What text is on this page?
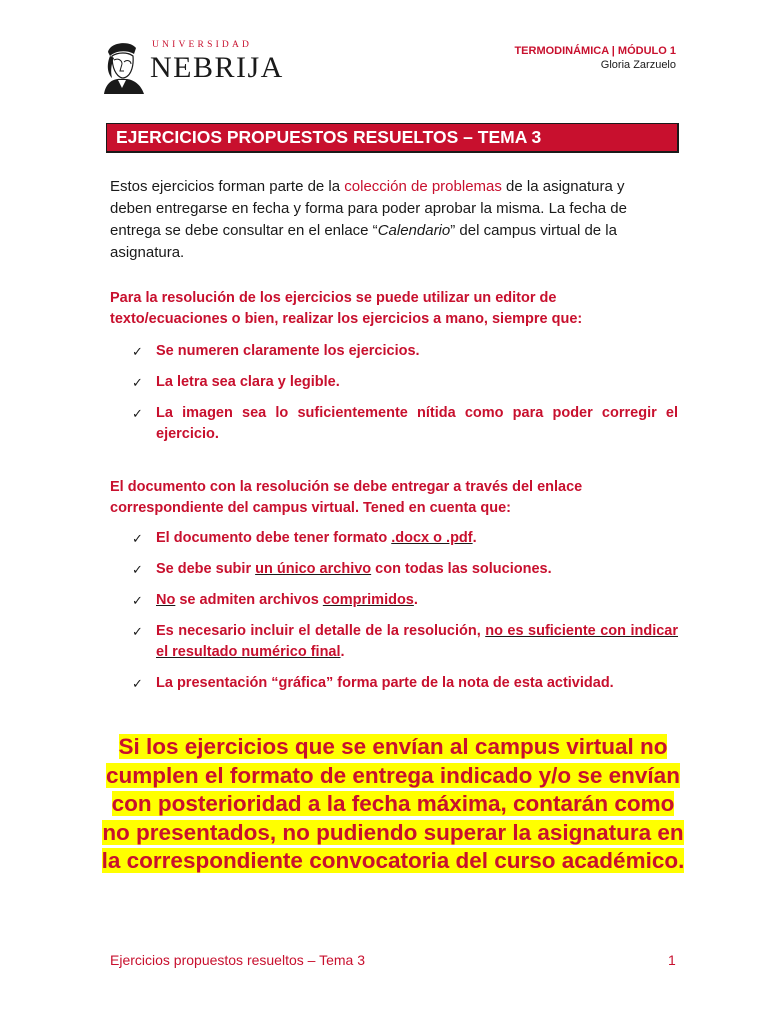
UNIVERSIDAD
NEBRIJA	TERMODINÁMICA | MÓDULO 1
Gloria Zarzuelo
EJERCICIOS PROPUESTOS RESUELTOS – TEMA 3

Estos ejercicios forman parte de la colección de problemas de la asignatura y deben entregarse en fecha y forma para poder aprobar la misma. La fecha de entrega se debe consultar en el enlace “Calendario” del campus virtual de la asignatura.

Para la resolución de los ejercicios se puede utilizar un editor de texto/ecuaciones o bien, realizar los ejercicios a mano, siempre que:

✓ Se numeren claramente los ejercicios.
✓ La letra sea clara y legible.
✓ La imagen sea lo suficientemente nítida como para poder corregir el ejercicio.

El documento con la resolución se debe entregar a través del enlace correspondiente del campus virtual. Tened en cuenta que:

✓ El documento debe tener formato .docx o .pdf.
✓ Se debe subir un único archivo con todas las soluciones.
✓ No se admiten archivos comprimidos.
✓ Es necesario incluir el detalle de la resolución, no es suficiente con indicar el resultado numérico final.
✓ La presentación “gráfica” forma parte de la nota de esta actividad.
Si los ejercicios que se envían al campus virtual no cumplen el formato de entrega indicado y/o se envían con posterioridad a la fecha máxima, contarán como no presentados, no pudiendo superar la asignatura en la correspondiente convocatoria del curso académico.
Ejercicios propuestos resueltos – Tema 3	1
